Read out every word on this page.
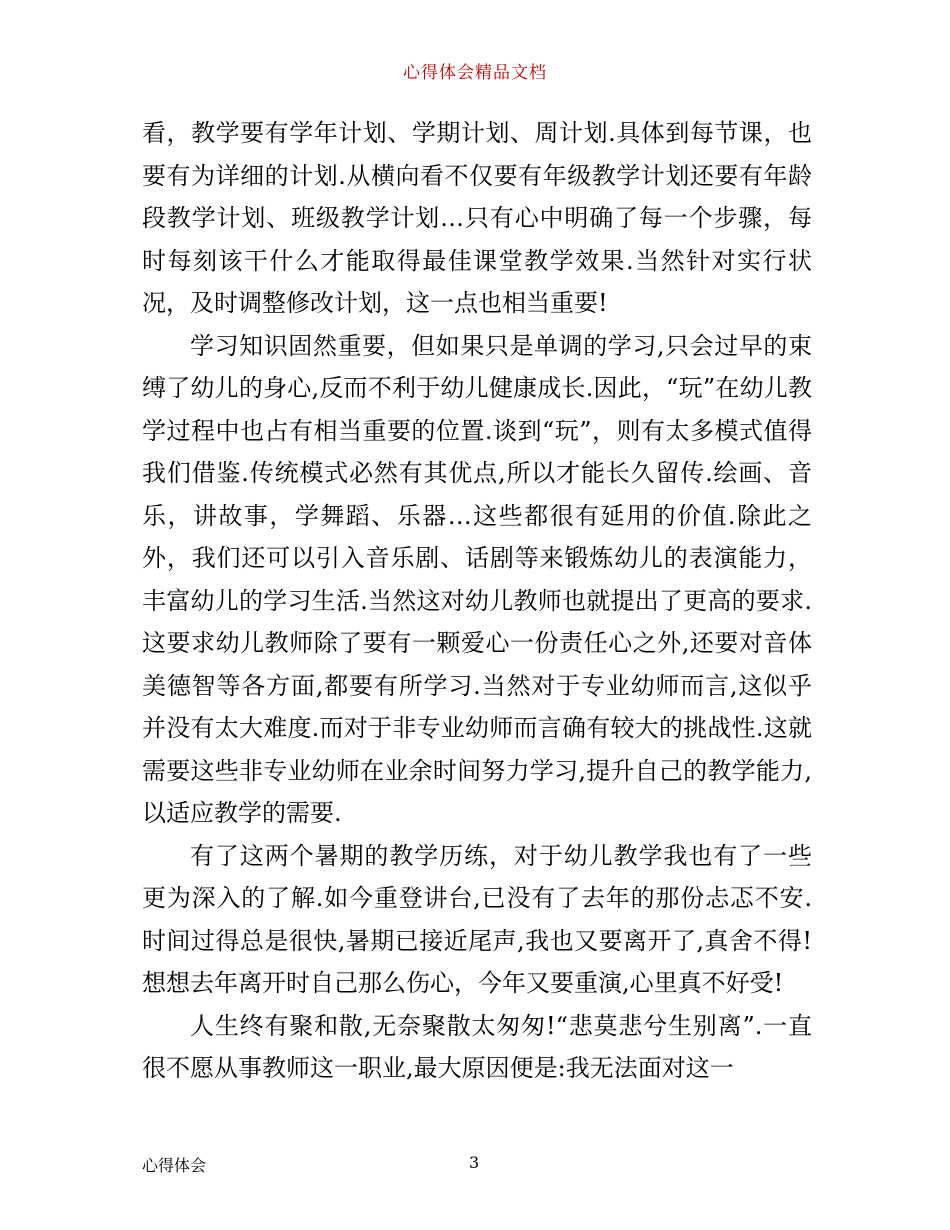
心得体会精品文档

看，教学要有学年计划、学期计划、周计划.具体到每节课，也要有为详细的计划.从横向看不仅要有年级教学计划还要有年龄段教学计划、班级教学计划…只有心中明确了每一个步骤，每时每刻该干什么才能取得最佳课堂教学效果.当然针对实行状况，及时调整修改计划，这一点也相当重要!

学习知识固然重要，但如果只是单调的学习,只会过早的束缚了幼儿的身心,反而不利于幼儿健康成长.因此，“玩”在幼儿教学过程中也占有相当重要的位置.谈到“玩”，则有太多模式值得我们借鉴.传统模式必然有其优点,所以才能长久留传.绘画、音乐，讲故事，学舞蹈、乐器…这些都很有延用的价值.除此之外，我们还可以引入音乐剧、话剧等来锻炼幼儿的表演能力，丰富幼儿的学习生活.当然这对幼儿教师也就提出了更高的要求.这要求幼儿教师除了要有一颗爱心一份责任心之外,还要对音体美德智等各方面,都要有所学习.当然对于专业幼师而言,这似乎并没有太大难度.而对于非专业幼师而言确有较大的挑战性.这就需要这些非专业幼师在业余时间努力学习,提升自己的教学能力,以适应教学的需要.

有了这两个暑期的教学历练，对于幼儿教学我也有了一些更为深入的了解.如今重登讲台,已没有了去年的那份忐忑不安.时间过得总是很快,暑期已接近尾声,我也又要离开了,真舍不得!想想去年离开时自己那么伤心，今年又要重演,心里真不好受!

人生终有聚和散,无奈聚散太匆匆!“悲莫悲兮生别离”.一直很不愿从事教师这一职业,最大原因便是:我无法面对这一

心得体会	3
